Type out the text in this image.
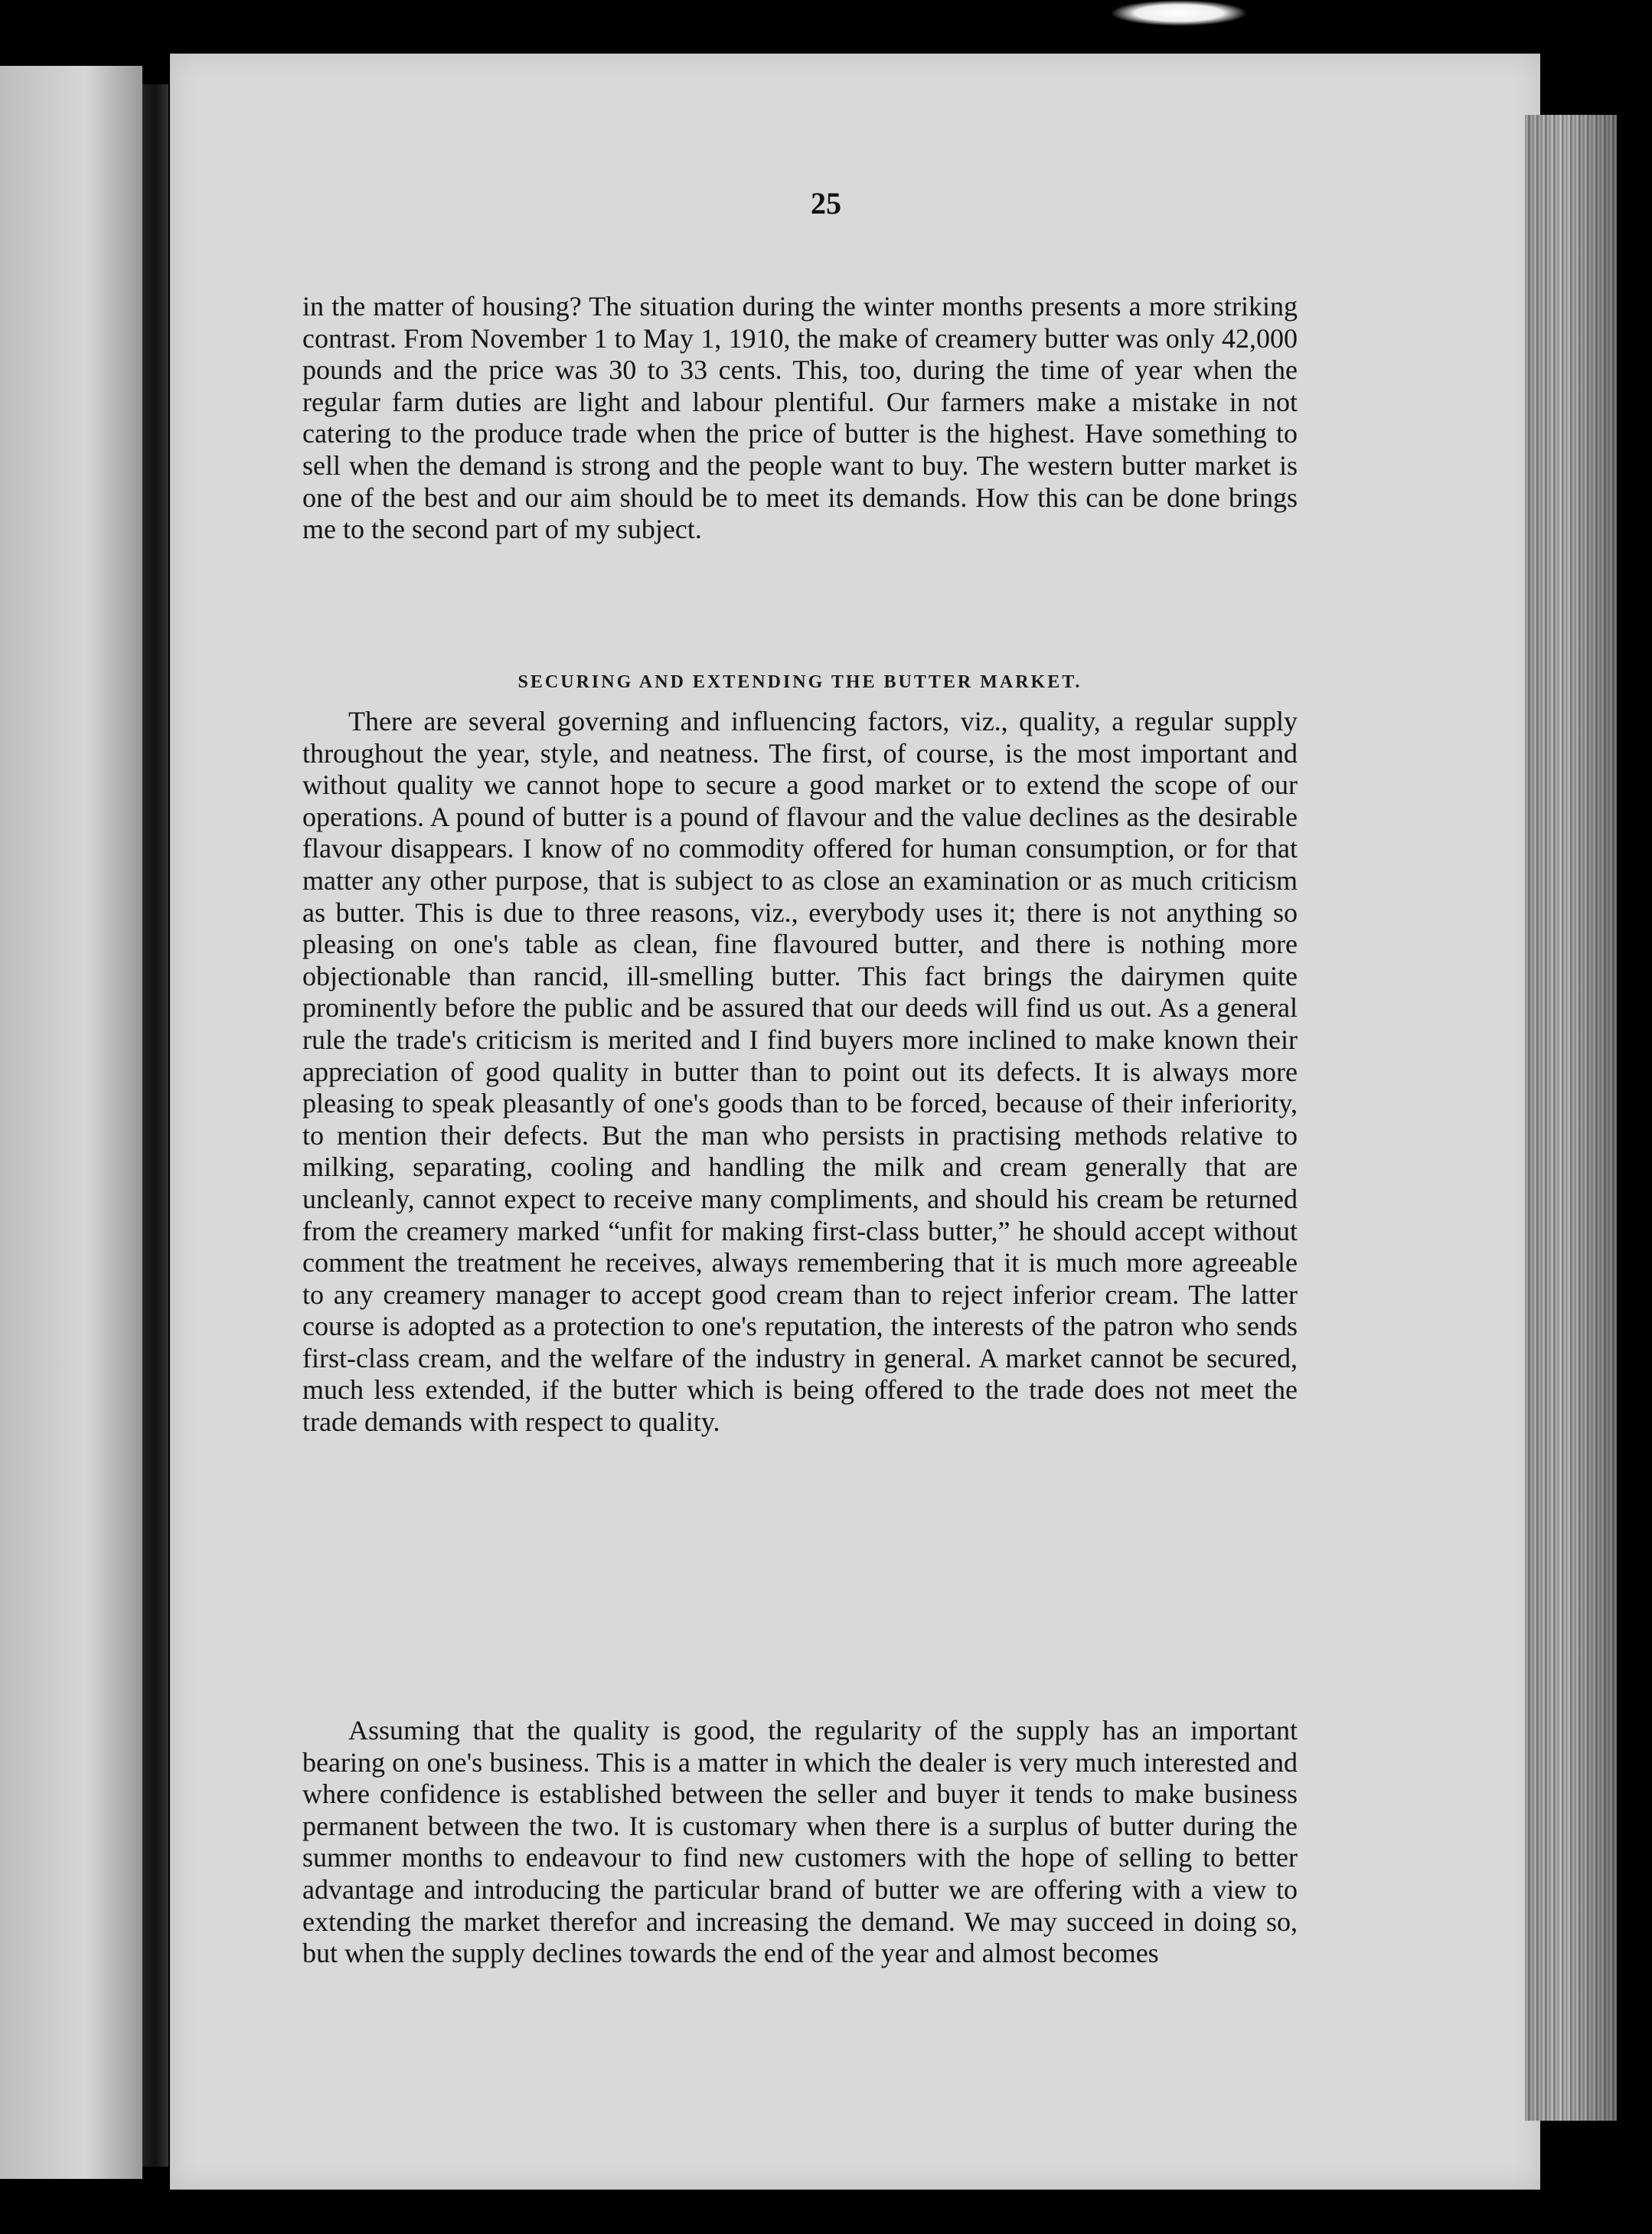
25

in the matter of housing? The situation during the winter months presents a more striking contrast. From November 1 to May 1, 1910, the make of creamery butter was only 42,000 pounds and the price was 30 to 33 cents. This, too, during the time of year when the regular farm duties are light and labour plentiful. Our farmers make a mistake in not catering to the produce trade when the price of butter is the highest. Have something to sell when the demand is strong and the people want to buy. The western butter market is one of the best and our aim should be to meet its demands. How this can be done brings me to the second part of my subject.

SECURING AND EXTENDING THE BUTTER MARKET.

There are several governing and influencing factors, viz., quality, a regular supply throughout the year, style, and neatness. The first, of course, is the most important and without quality we cannot hope to secure a good market or to extend the scope of our operations. A pound of butter is a pound of flavour and the value declines as the desirable flavour disappears. I know of no commodity offered for human consumption, or for that matter any other purpose, that is subject to as close an examination or as much criticism as butter. This is due to three reasons, viz., everybody uses it; there is not anything so pleasing on one's table as clean, fine flavoured butter, and there is nothing more objectionable than rancid, ill-smelling butter. This fact brings the dairymen quite prominently before the public and be assured that our deeds will find us out. As a general rule the trade's criticism is merited and I find buyers more inclined to make known their appreciation of good quality in butter than to point out its defects. It is always more pleasing to speak pleasantly of one's goods than to be forced, because of their inferiority, to mention their defects. But the man who persists in practising methods relative to milking, separating, cooling and handling the milk and cream generally that are uncleanly, cannot expect to receive many compliments, and should his cream be returned from the creamery marked “unfit for making first-class butter,” he should accept without comment the treatment he receives, always remembering that it is much more agreeable to any creamery manager to accept good cream than to reject inferior cream. The latter course is adopted as a protection to one's reputation, the interests of the patron who sends first-class cream, and the welfare of the industry in general. A market cannot be secured, much less extended, if the butter which is being offered to the trade does not meet the trade demands with respect to quality.

Assuming that the quality is good, the regularity of the supply has an important bearing on one's business. This is a matter in which the dealer is very much interested and where confidence is established between the seller and buyer it tends to make business permanent between the two. It is customary when there is a surplus of butter during the summer months to endeavour to find new customers with the hope of selling to better advantage and introducing the particular brand of butter we are offering with a view to extending the market therefor and increasing the demand. We may succeed in doing so, but when the supply declines towards the end of the year and almost becomes
